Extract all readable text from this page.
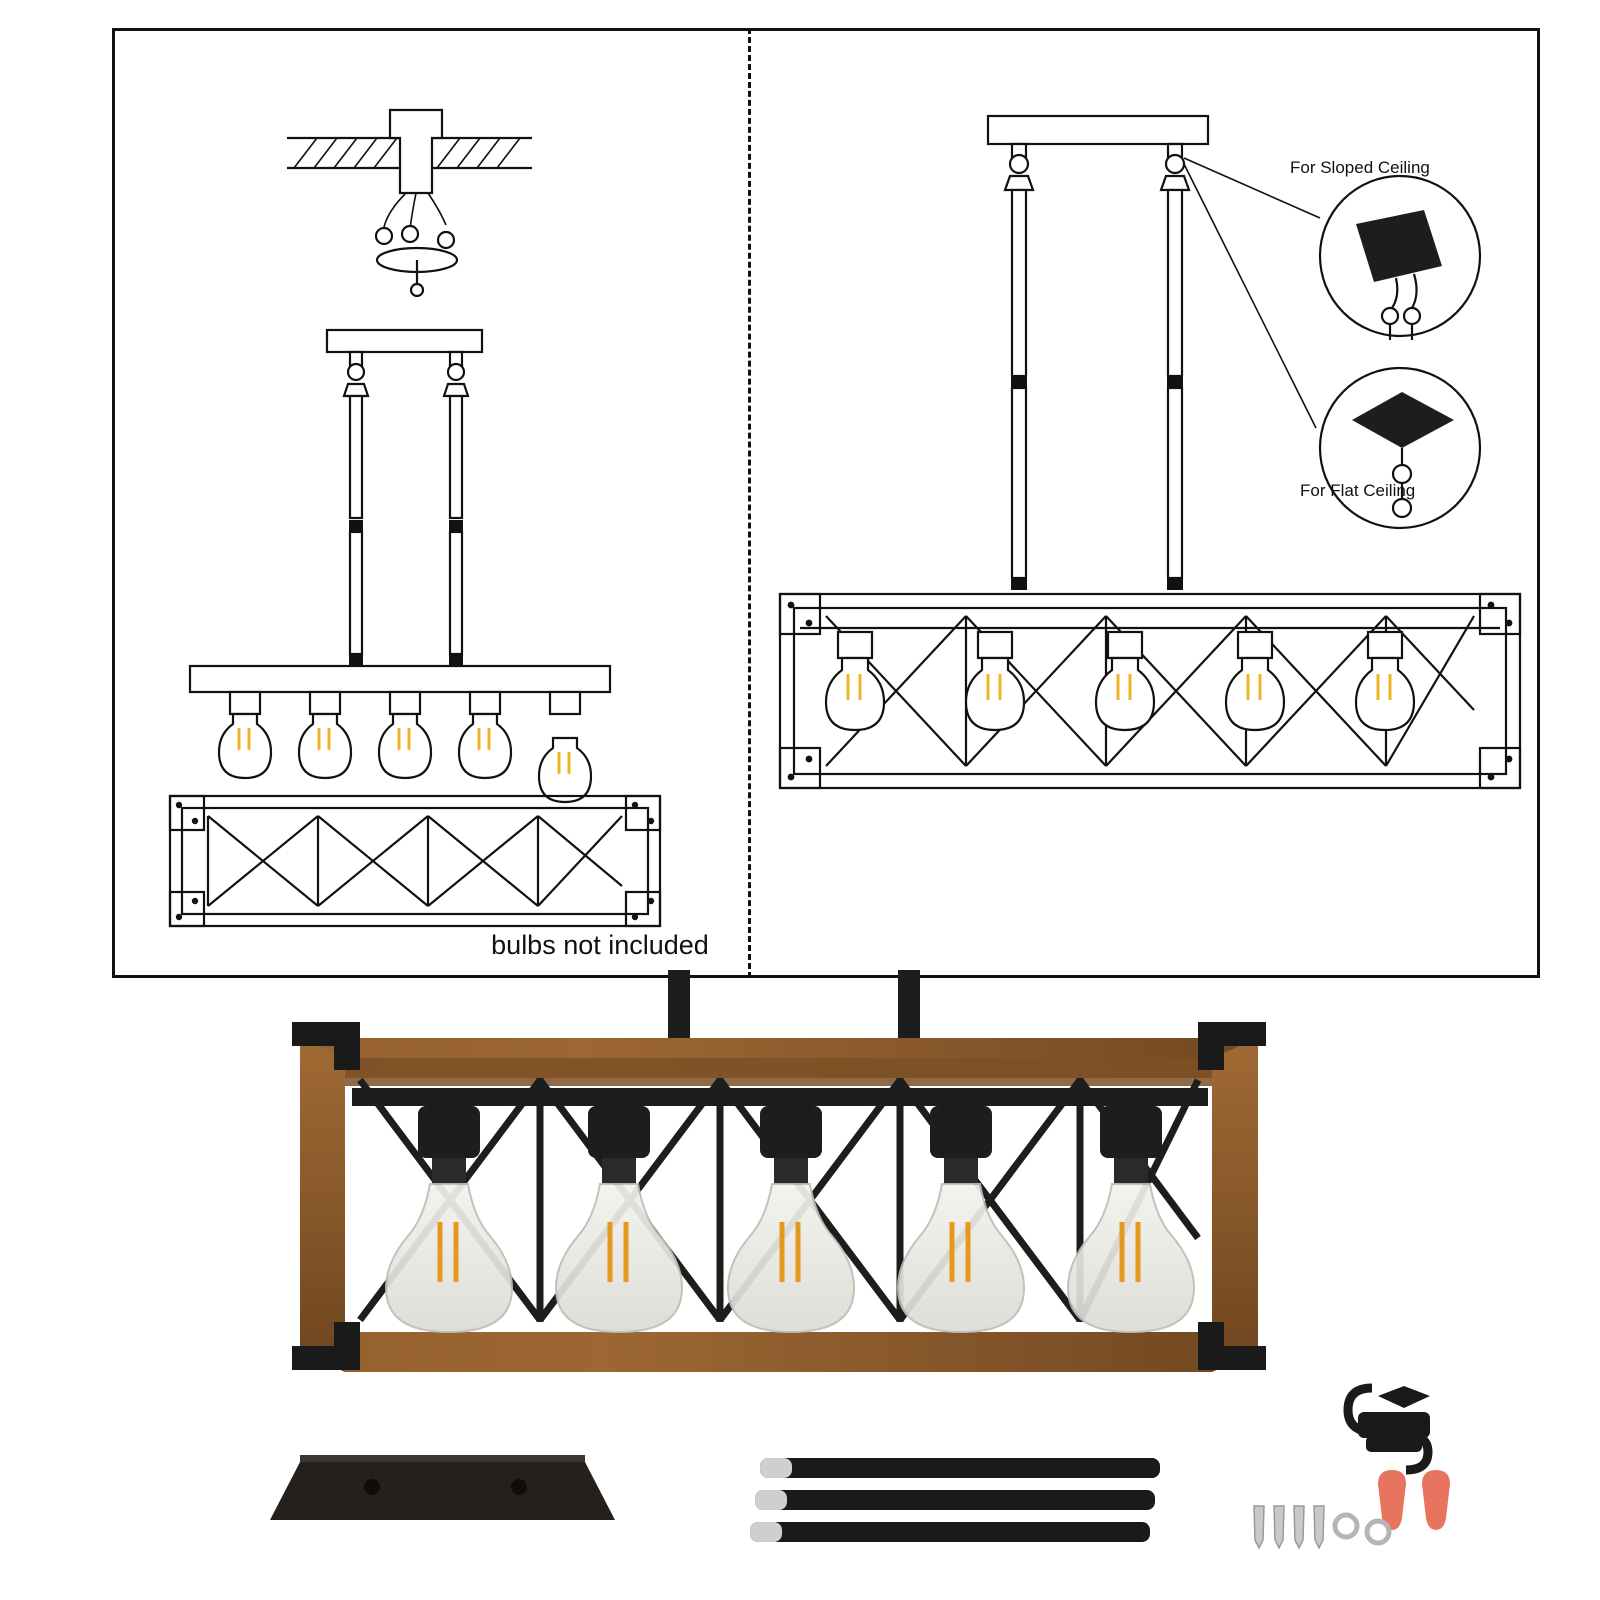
bulbs not included
For Sloped Ceiling
For Flat Ceiling
